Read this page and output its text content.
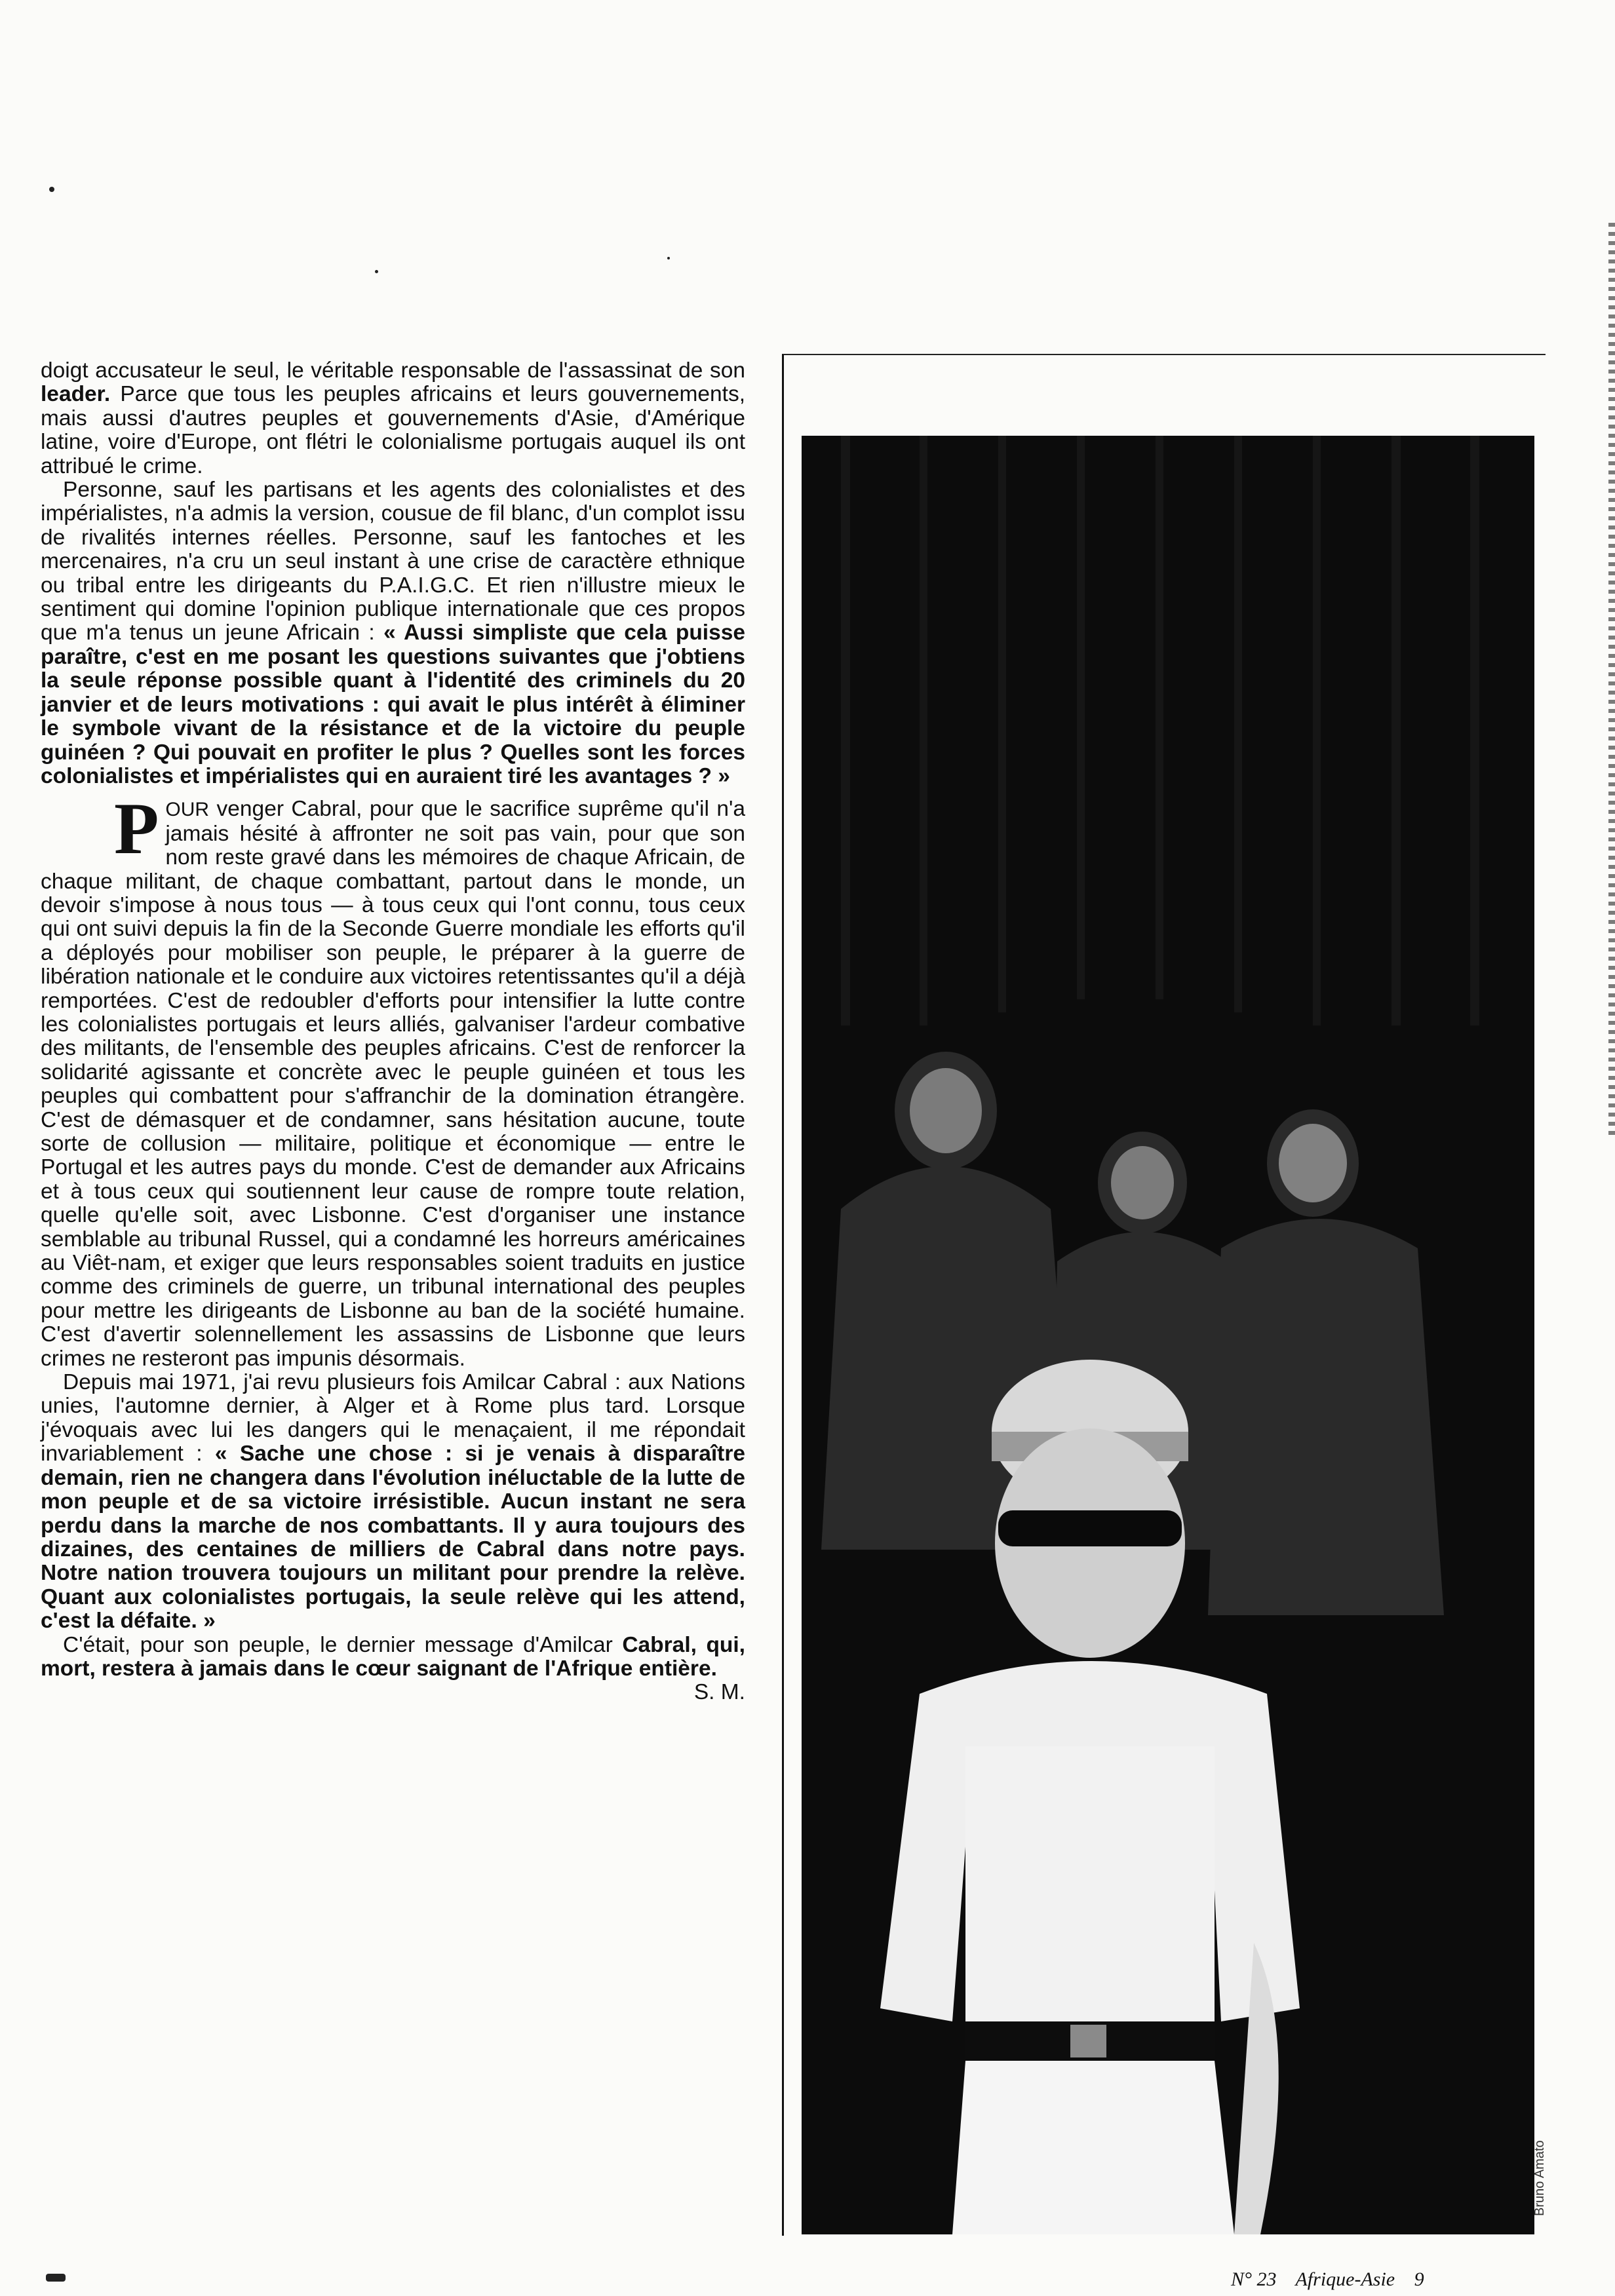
doigt accusateur le seul, le véritable responsable de l'assassinat de son leader. Parce que tous les peuples africains et leurs gouvernements, mais aussi d'autres peuples et gouvernements d'Asie, d'Amérique latine, voire d'Europe, ont flétri le colonialisme portugais auquel ils ont attribué le crime.

Personne, sauf les partisans et les agents des colonialistes et des impérialistes, n'a admis la version, cousue de fil blanc, d'un complot issu de rivalités internes réelles. Personne, sauf les fantoches et les mercenaires, n'a cru un seul instant à une crise de caractère ethnique ou tribal entre les dirigeants du P.A.I.G.C. Et rien n'illustre mieux le sentiment qui domine l'opinion publique internationale que ces propos que m'a tenus un jeune Africain : « Aussi simpliste que cela puisse paraître, c'est en me posant les questions suivantes que j'obtiens la seule réponse possible quant à l'identité des criminels du 20 janvier et de leurs motivations : qui avait le plus intérêt à éliminer le symbole vivant de la résistance et de la victoire du peuple guinéen ? Qui pouvait en profiter le plus ? Quelles sont les forces colonialistes et impérialistes qui en auraient tiré les avantages ? »

POUR venger Cabral, pour que le sacrifice suprême qu'il n'a jamais hésité à affronter ne soit pas vain, pour que son nom reste gravé dans les mémoires de chaque Africain, de chaque militant, de chaque combattant, partout dans le monde, un devoir s'impose à nous tous — à tous ceux qui l'ont connu, tous ceux qui ont suivi depuis la fin de la Seconde Guerre mondiale les efforts qu'il a déployés pour mobiliser son peuple, le préparer à la guerre de libération nationale et le conduire aux victoires retentissantes qu'il a déjà remportées. C'est de redoubler d'efforts pour intensifier la lutte contre les colonialistes portugais et leurs alliés, galvaniser l'ardeur combative des militants, de l'ensemble des peuples africains. C'est de renforcer la solidarité agissante et concrète avec le peuple guinéen et tous les peuples qui combattent pour s'affranchir de la domination étrangère. C'est de démasquer et de condamner, sans hésitation aucune, toute sorte de collusion — militaire, politique et économique — entre le Portugal et les autres pays du monde. C'est de demander aux Africains et à tous ceux qui soutiennent leur cause de rompre toute relation, quelle qu'elle soit, avec Lisbonne. C'est d'organiser une instance semblable au tribunal Russel, qui a condamné les horreurs américaines au Viêt-nam, et exiger que leurs responsables soient traduits en justice comme des criminels de guerre, un tribunal international des peuples pour mettre les dirigeants de Lisbonne au ban de la société humaine. C'est d'avertir solennellement les assassins de Lisbonne que leurs crimes ne resteront pas impunis désormais.

Depuis mai 1971, j'ai revu plusieurs fois Amilcar Cabral : aux Nations unies, l'automne dernier, à Alger et à Rome plus tard. Lorsque j'évoquais avec lui les dangers qui le menaçaient, il me répondait invariablement : « Sache une chose : si je venais à disparaître demain, rien ne changera dans l'évolution inéluctable de la lutte de mon peuple et de sa victoire irrésistible. Aucun instant ne sera perdu dans la marche de nos combattants. Il y aura toujours des dizaines, des centaines de milliers de Cabral dans notre pays. Notre nation trouvera toujours un militant pour prendre la relève. Quant aux colonialistes portugais, la seule relève qui les attend, c'est la défaite. »

C'était, pour son peuple, le dernier message d'Amilcar Cabral, qui, mort, restera à jamais dans le cœur saignant de l'Afrique entière.
S. M.

Bruno Amato
N° 23 Afrique-Asie 9
